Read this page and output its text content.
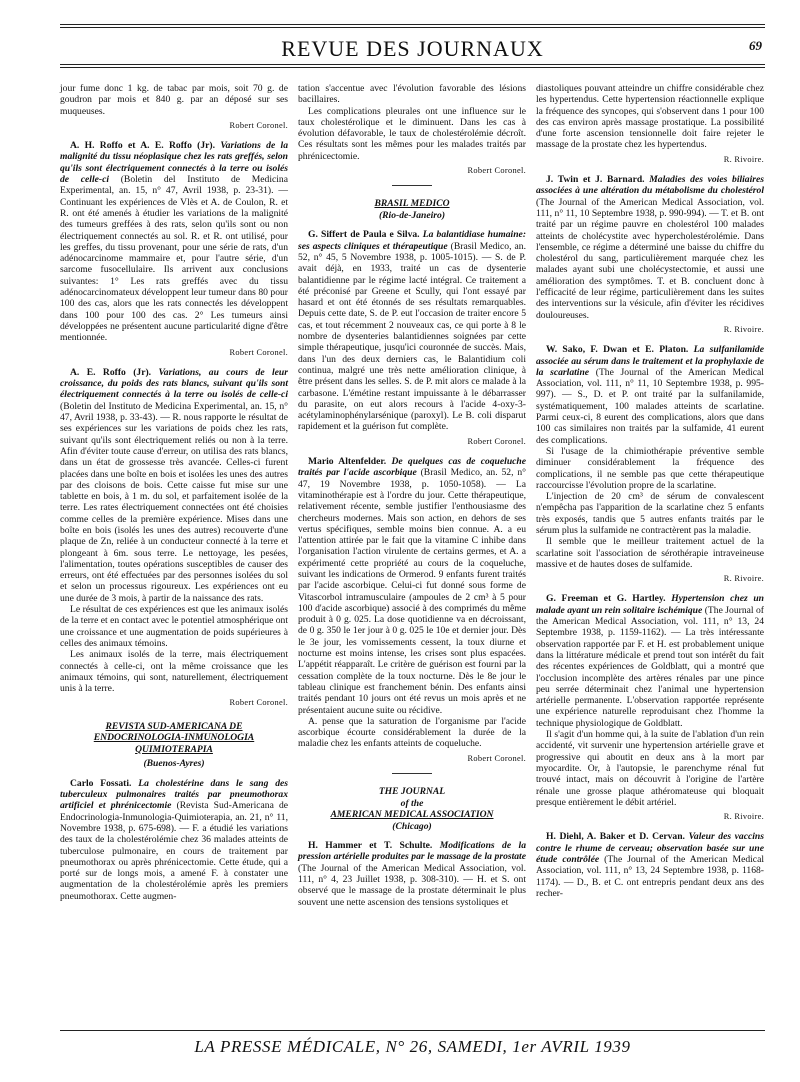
REVUE DES JOURNAUX	69

jour fume donc 1 kg. de tabac par mois, soit 70 g. de goudron par mois et 840 g. par an déposé sur ses muqueuses.

Robert Coronel.

A. H. Roffo et A. E. Roffo (Jr). Variations de la malignité du tissu néoplasique chez les rats greffés, selon qu'ils sont électriquement connectés à la terre ou isolés de celle-ci (Boletin del Instituto de Medicina Experimental, an. 15, n° 47, Avril 1938, p. 23-31). — Continuant les expériences de Vlès et A. de Coulon, R. et R. ont été amenés à étudier les variations de la malignité des tumeurs greffées à des rats, selon qu'ils sont ou non électriquement connectés au sol. R. et R. ont utilisé, pour les greffes, du tissu provenant, pour une série de rats, d'un adénocarcinome mammaire et, pour l'autre série, d'un sarcome fusocellulaire. Ils arrivent aux conclusions suivantes: 1° Les rats greffés avec du tissu adénocarcinomateux développent leur tumeur dans 80 pour 100 des cas, alors que les rats connectés les développent dans 100 pour 100 des cas. 2° Les tumeurs ainsi développées ne présentent aucune particularité digne d'être mentionnée.

Robert Coronel.

A. E. Roffo (Jr). Variations, au cours de leur croissance, du poids des rats blancs, suivant qu'ils sont électriquement connectés à la terre ou isolés de celle-ci (Boletin del Instituto de Medicina Experimental, an. 15, n° 47, Avril 1938, p. 33-43). — R. nous rapporte le résultat de ses expériences sur les variations de poids chez les rats, suivant qu'ils sont électriquement reliés ou non à la terre. Afin d'éviter toute cause d'erreur, on utilisa des rats blancs, dans un état de grossesse très avancée. Celles-ci furent placées dans une boîte en bois et isolées les unes des autres par des cloisons de bois. Cette caisse fut mise sur une tablette en bois, à 1 m. du sol, et parfaitement isolée de la terre. Les rates électriquement connectées ont été choisies comme celles de la première expérience. Mises dans une boîte en bois (isolés les unes des autres) recouverte d'une plaque de Zn, reliée à un conducteur connecté à la terre et plongeant à 6m. sous terre. Le nettoyage, les pesées, l'alimentation, toutes opérations susceptibles de causer des erreurs, ont été effectuées par des personnes isolées du sol et selon un processus rigoureux. Les expériences ont eu une durée de 3 mois, à partir de la naissance des rats.

Le résultat de ces expériences est que les animaux isolés de la terre et en contact avec le potentiel atmosphérique ont une croissance et une augmentation de poids supérieures à celles des animaux témoins.

Les animaux isolés de la terre, mais électriquement connectés à celle-ci, ont la même croissance que les animaux témoins, qui sont, naturellement, électriquement unis à la terre.

Robert Coronel.
REVISTA SUD-AMERICANA DE ENDOCRINOLOGIA-INMUNOLOGIA QUIMIOTERAPIA
(Buenos-Ayres)

Carlo Fossati. La cholestérine dans le sang des tuberculeux pulmonaires traités par pneumothorax artificiel et phrénicectomie (Revista Sud-Americana de Endocrinologia-Inmunologia-Quimioterapia, an. 21, n° 11, Novembre 1938, p. 675-698). — F. a étudié les variations des taux de la cholestérolémie chez 36 malades atteints de tuberculose pulmonaire, en cours de traitement par pneumothorax ou après phrénicectomie. Cette étude, qui a porté sur de longs mois, a amené F. à constater une augmentation de la cholestérolémie après les premiers pneumothorax. Cette augmen-

tation s'accentue avec l'évolution favorable des lésions bacillaires.

Les complications pleurales ont une influence sur le taux cholestérolique et le diminuent. Dans les cas à évolution défavorable, le taux de cholestérolémie décroît. Ces résultats sont les mêmes pour les malades traités par phrénicectomie.

Robert Coronel.
BRASIL MEDICO
(Rio-de-Janeiro)

G. Siffert de Paula e Silva. La balantidiase humaine: ses aspects cliniques et thérapeutique (Brasil Medico, an. 52, n° 45, 5 Novembre 1938, p. 1005-1015). — S. de P. avait déjà, en 1933, traité un cas de dysenterie balantidienne par le régime lacté intégral. Ce traitement a été préconisé par Greene et Scully, qui l'ont essayé par hasard et ont été étonnés de ses résultats remarquables. Depuis cette date, S. de P. eut l'occasion de traiter encore 5 cas, et tout récemment 2 nouveaux cas, ce qui porte à 8 le nombre de dysenteries balantidiennes soignées par cette simple thérapeutique, jusqu'ici couronnée de succès. Mais, dans l'un des deux derniers cas, le Balantidium coli continua, malgré une très nette amélioration clinique, à être présent dans les selles. S. de P. mit alors ce malade à la carbasone. L'émétine restant impuissante à le débarrasser du parasite, on eut alors recours à l'acide 4-oxy-3-acétylaminophénylarsénique (paroxyl). Le B. coli disparut rapidement et la guérison fut complète.

Robert Coronel.

Mario Altenfelder. De quelques cas de coqueluche traités par l'acide ascorbique (Brasil Medico, an. 52, n° 47, 19 Novembre 1938, p. 1050-1058). — La vitaminothérapie est à l'ordre du jour. Cette thérapeutique, relativement récente, semble justifier l'enthousiasme des chercheurs modernes. Mais son action, en dehors de ses vertus spécifiques, semble moins bien connue. A. a eu l'attention attirée par le fait que la vitamine C inhibe dans l'organisation l'action virulente de certains germes, et A. a expérimenté cette propriété au cours de la coqueluche, suivant les indications de Ormerod. 9 enfants furent traités par l'acide ascorbique. Celui-ci fut donné sous forme de Vitascorbol intramusculaire (ampoules de 2 cm³ à 5 pour 100 d'acide ascorbique) associé à des comprimés du même produit à 0 g. 025. La dose quotidienne va en décroissant, de 0 g. 350 le 1er jour à 0 g. 025 le 10e et dernier jour. Dès le 3e jour, les vomissements cessent, la toux diurne et nocturne est moins intense, les crises sont plus espacées. L'appétit réapparaît. Le critère de guérison est fourni par la cessation complète de la toux nocturne. Dès le 8e jour le tableau clinique est franchement bénin. Des enfants ainsi traités pendant 10 jours ont été revus un mois après et ne présentaient aucune suite ou récidive.

A. pense que la saturation de l'organisme par l'acide ascorbique écourte considérablement la durée de la maladie chez les enfants atteints de coqueluche.

Robert Coronel.
THE JOURNAL
of the
AMERICAN MEDICAL ASSOCIATION
(Chicago)

H. Hammer et T. Schulte. Modifications de la pression artérielle produites par le massage de la prostate (The Journal of the American Medical Association, vol. 111, n° 4, 23 Juillet 1938, p. 308-310). — H. et S. ont observé que le massage de la prostate déterminait le plus souvent une nette ascension des tensions systoliques et

diastoliques pouvant atteindre un chiffre considérable chez les hypertendus. Cette hypertension réactionnelle explique la fréquence des syncopes, qui s'observent dans 1 pour 100 des cas environ après massage prostatique. La possibilité d'une forte ascension tensionnelle doit faire rejeter le massage de la prostate chez les hypertendus.

R. Rivoire.

J. Twin et J. Barnard. Maladies des voies biliaires associées à une altération du métabolisme du cholestérol (The Journal of the American Medical Association, vol. 111, n° 11, 10 Septembre 1938, p. 990-994). — T. et B. ont traité par un régime pauvre en cholestérol 100 malades atteints de cholécystite avec hypercholestérolémie. Dans l'ensemble, ce régime a déterminé une baisse du chiffre du cholestérol du sang, particulièrement marquée chez les malades ayant subi une cholécystectomie, et aussi une amélioration des symptômes. T. et B. concluent donc à l'efficacité de leur régime, particulièrement dans les suites des interventions sur la vésicule, afin d'éviter les récidives douloureuses.

R. Rivoire.

W. Sako, F. Dwan et E. Platon. La sulfanilamide associée au sérum dans le traitement et la prophylaxie de la scarlatine (The Journal of the American Medical Association, vol. 111, n° 11, 10 Septembre 1938, p. 995-997). — S., D. et P. ont traité par la sulfanilamide, systématiquement, 100 malades atteints de scarlatine. Parmi ceux-ci, 8 eurent des complications, alors que dans 100 cas similaires non traités par la sulfamide, 41 eurent des complications.

Si l'usage de la chimiothérapie préventive semble diminuer considérablement la fréquence des complications, il ne semble pas que cette thérapeutique raccourcisse l'évolution propre de la scarlatine.

L'injection de 20 cm³ de sérum de convalescent n'empêcha pas l'apparition de la scarlatine chez 5 enfants très exposés, tandis que 5 autres enfants traités par le sérum plus la sulfamide ne contractèrent pas la maladie.

Il semble que le meilleur traitement actuel de la scarlatine soit l'association de sérothérapie intraveineuse massive et de hautes doses de sulfamide.

R. Rivoire.

G. Freeman et G. Hartley. Hypertension chez un malade ayant un rein solitaire ischémique (The Journal of the American Medical Association, vol. 111, n° 13, 24 Septembre 1938, p. 1159-1162). — La très intéressante observation rapportée par F. et H. est probablement unique dans la littérature médicale et prend tout son intérêt du fait des récentes expériences de Goldblatt, qui a montré que l'occlusion incomplète des artères rénales par une pince peu serrée déterminait chez l'animal une hypertension artérielle permanente. L'observation rapportée représente une expérience naturelle reproduisant chez l'homme la technique physiologique de Goldblatt.

Il s'agit d'un homme qui, à la suite de l'ablation d'un rein accidenté, vit survenir une hypertension artérielle grave et progressive qui aboutit en deux ans à la mort par myocardite. Or, à l'autopsie, le parenchyme rénal fut trouvé intact, mais on découvrit à l'origine de l'artère rénale une grosse plaque athéromateuse qui bloquait presque entièrement le débit artériel.

R. Rivoire.

H. Diehl, A. Baker et D. Cervan. Valeur des vaccins contre le rhume de cerveau; observation basée sur une étude contrôlée (The Journal of the American Medical Association, vol. 111, n° 13, 24 Septembre 1938, p. 1168-1174). — D., B. et C. ont entrepris pendant deux ans des recher-

LA PRESSE MÉDICALE, N° 26, SAMEDI, 1er AVRIL 1939
